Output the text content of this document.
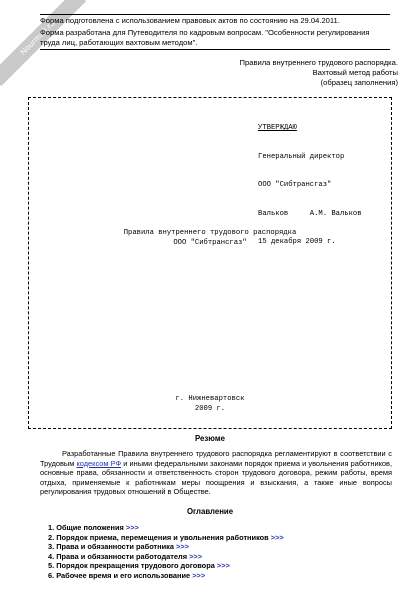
Nourmati.ru
Форма подготовлена с использованием правовых актов по состоянию на 29.04.2011.
Форма разработана для Путеводителя по кадровым вопросам. "Особенности регулирования труда лиц, работающих вахтовым методом".
Правила внутреннего трудового распорядка.
Вахтовый метод работы
(образец заполнения)

УТВЕРЖДАЮ

Генеральный директор

ООО "Сибтрансгаз"

Вальков     А.М. Вальков

15 декабря 2009 г.

Правила внутреннего трудового распорядка
ООО "Сибтрансгаз"
г. Нижневартовск
2009 г.
Резюме
Разработанные Правила внутреннего трудового распорядка регламентируют в соответствии с Трудовым кодексом РФ и иными федеральными законами порядок приема и увольнения работников, основные права, обязанности и ответственность сторон трудового договора, режим работы, время отдыха, применяемые к работникам меры поощрения и взыскания, а также иные вопросы регулирования трудовых отношений в Обществе.
Оглавление
1. Общие положения >>>
2. Порядок приема, перемещения и увольнения работников >>>
3. Права и обязанности работника >>>
4. Права и обязанности работодателя >>>
5. Порядок прекращения трудового договора >>>
6. Рабочее время и его использование >>>
